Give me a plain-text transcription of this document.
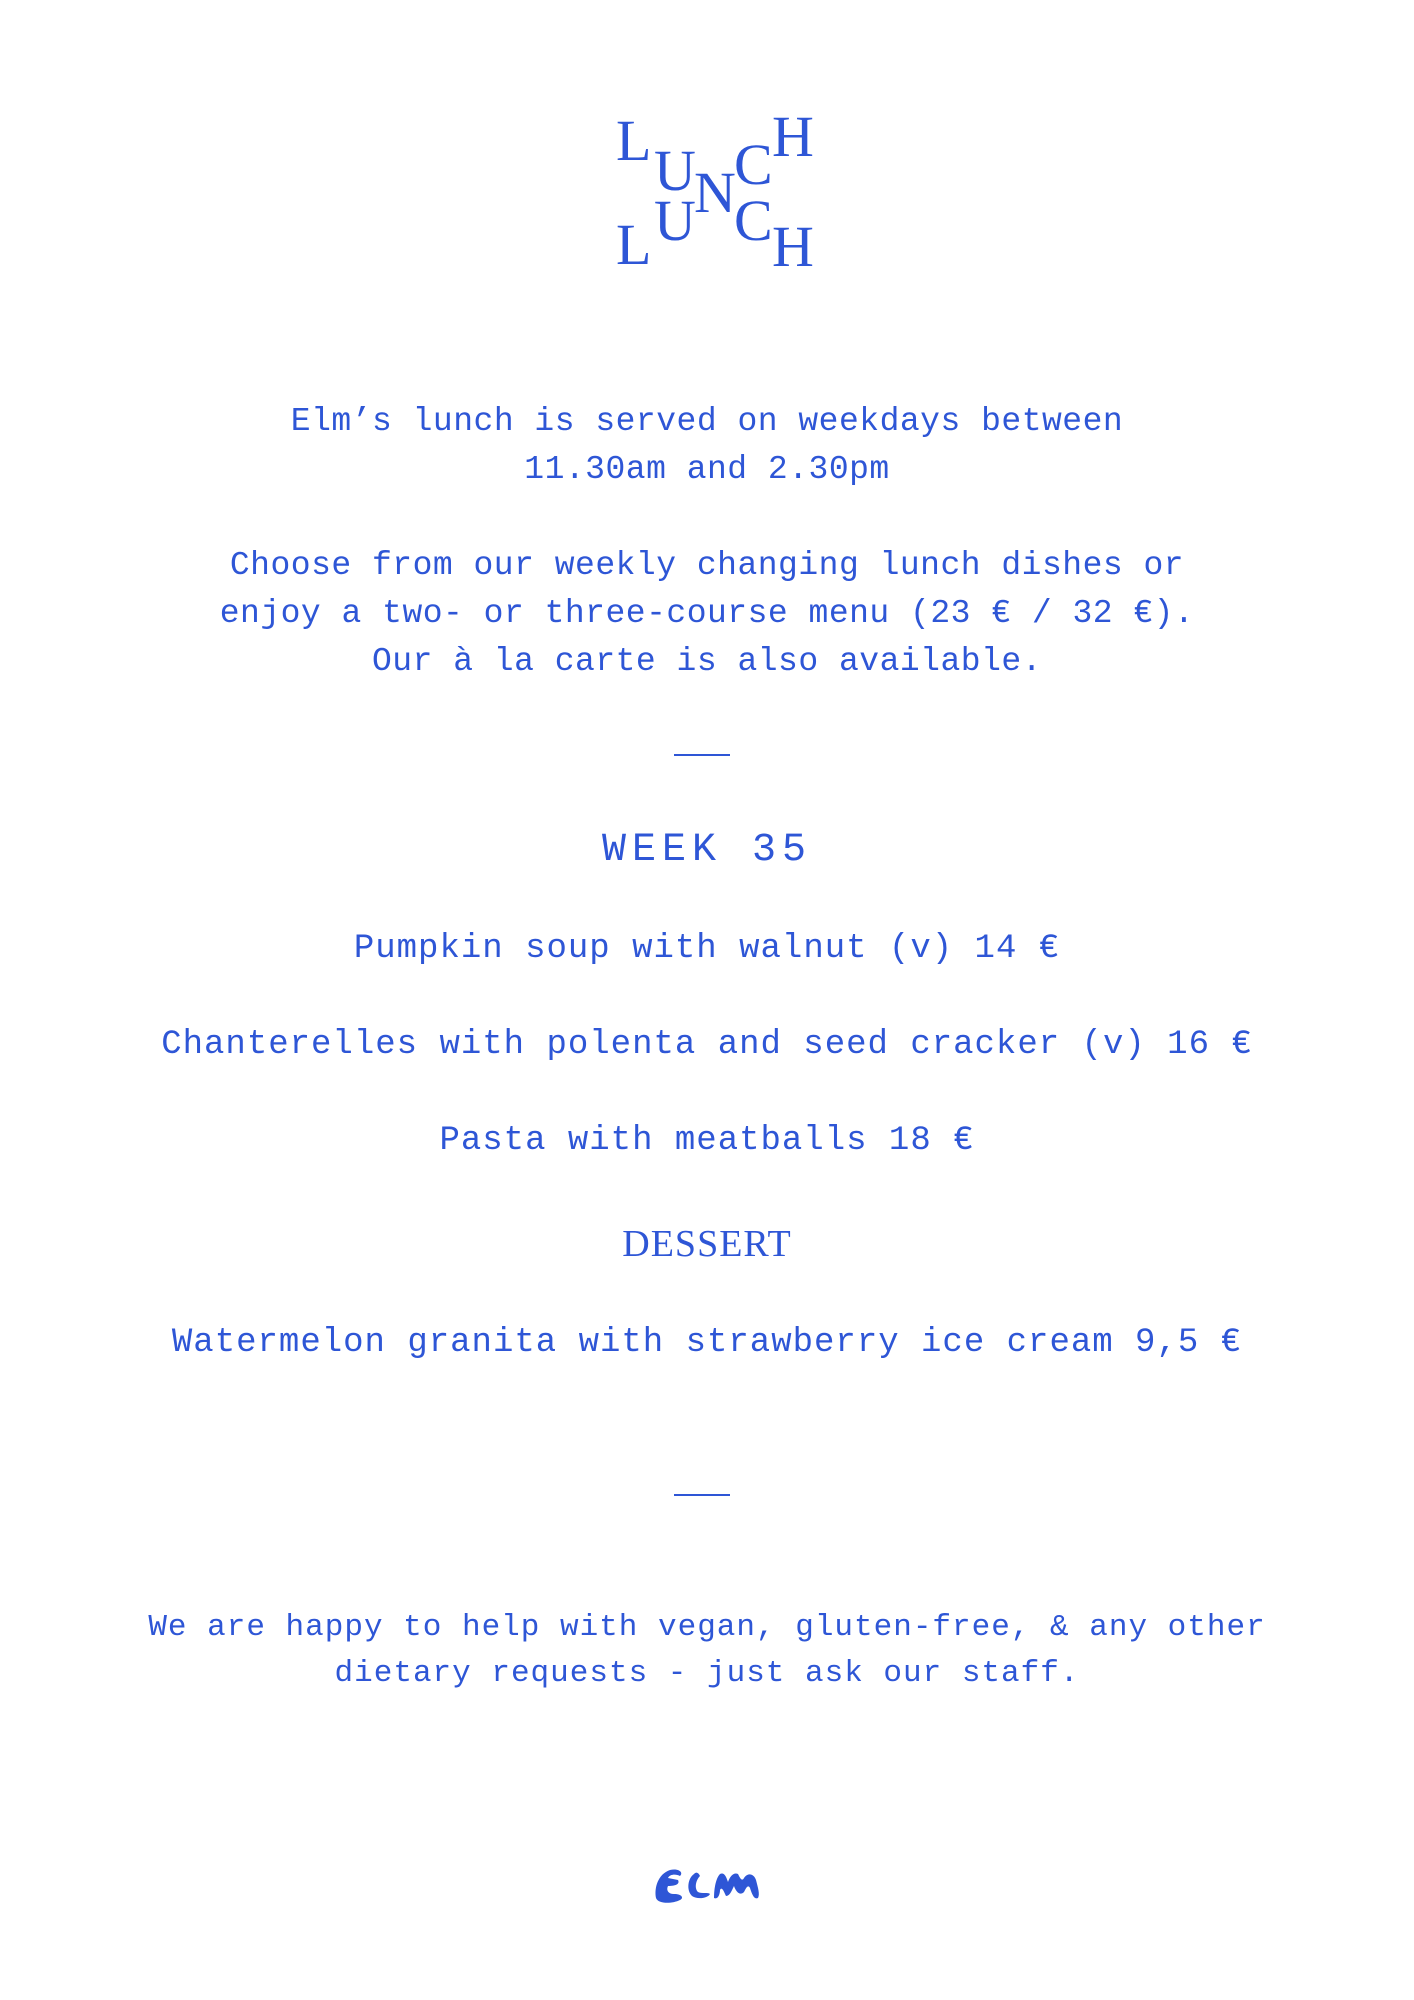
L U
N
C H
L U C H

Elm’s lunch is served on weekdays between

11.30am and 2.30pm

Choose from our weekly changing lunch dishes or

enjoy a two- or three-course menu (23 € / 32 €).

Our à la carte is also available.

WEEK 35
Pumpkin soup with walnut (v) 14 €
Chanterelles with polenta and seed cracker (v) 16 €
Pasta with meatballs 18 €
DESSERT
Watermelon granita with strawberry ice cream 9,5 €

We are happy to help with vegan, gluten-free, & any other

dietary requests - just ask our staff.
